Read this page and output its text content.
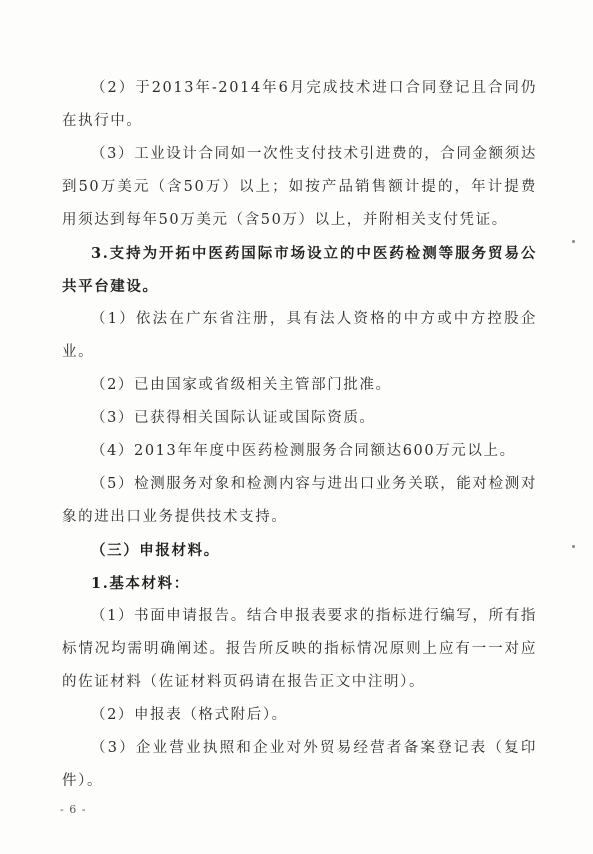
（2）于2013年-2014年6月完成技术进口合同登记且合同仍在执行中。

（3）工业设计合同如一次性支付技术引进费的，合同金额须达到50万美元（含50万）以上；如按产品销售额计提的，年计提费用须达到每年50万美元（含50万）以上，并附相关支付凭证。

3.支持为开拓中医药国际市场设立的中医药检测等服务贸易公共平台建设。

（1）依法在广东省注册，具有法人资格的中方或中方控股企业。

（2）已由国家或省级相关主管部门批准。

（3）已获得相关国际认证或国际资质。

（4）2013年年度中医药检测服务合同额达600万元以上。

（5）检测服务对象和检测内容与进出口业务关联，能对检测对象的进出口业务提供技术支持。

（三）申报材料。

1.基本材料：

（1）书面申请报告。结合申报表要求的指标进行编写，所有指标情况均需明确阐述。报告所反映的指标情况原则上应有一一对应的佐证材料（佐证材料页码请在报告正文中注明）。

（2）申报表（格式附后）。

（3）企业营业执照和企业对外贸易经营者备案登记表（复印件）。

- 6 -
